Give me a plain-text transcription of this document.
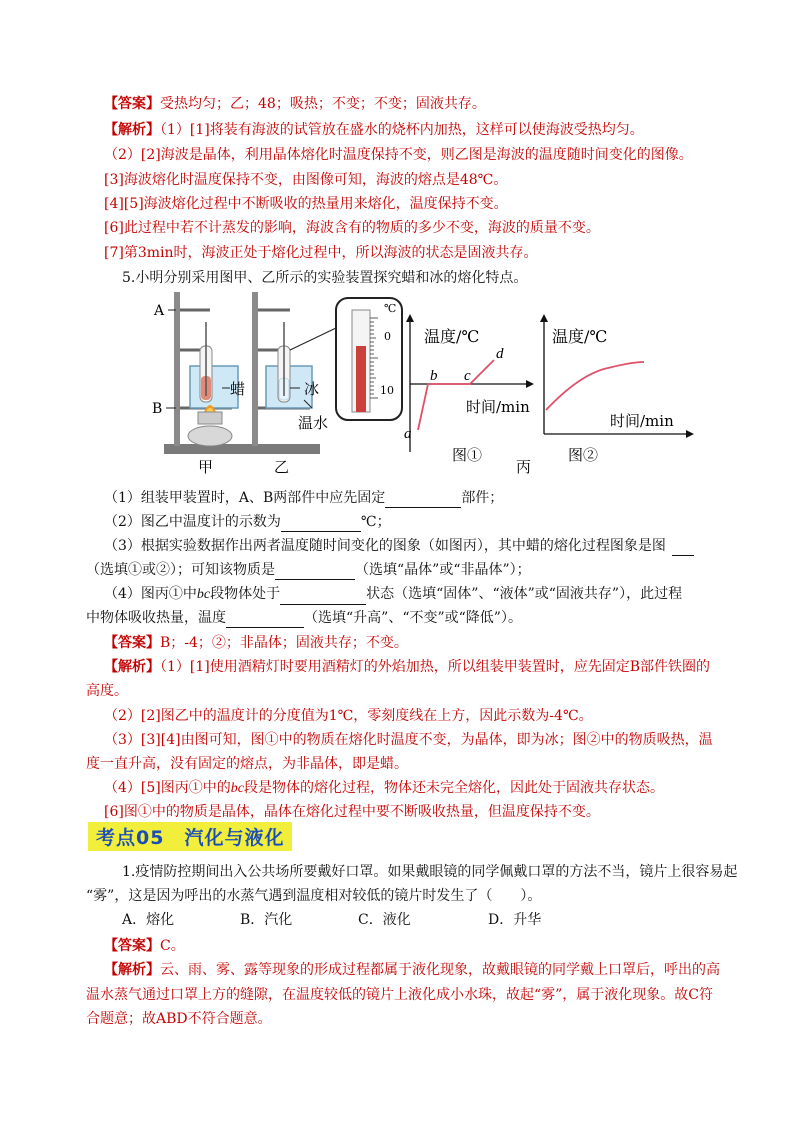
【答案】受热均匀；乙；48；吸热；不变；不变；固液共存。
【解析】（1）[1]将装有海波的试管放在盛水的烧杯内加热，这样可以使海波受热均匀。
（2）[2]海波是晶体，利用晶体熔化时温度保持不变，则乙图是海波的温度随时间变化的图像。
[3]海波熔化时温度保持不变，由图像可知，海波的熔点是48℃。
[4][5]海波熔化过程中不断吸收的热量用来熔化，温度保持不变。
[6]此过程中若不计蒸发的影响，海波含有的物质的多少不变，海波的质量不变。
[7]第3min时，海波正处于熔化过程中，所以海波的状态是固液共存。
5.小明分别采用图甲、乙所示的实验装置探究蜡和冰的熔化特点。
A
B
蜡
甲
冰
温水
乙
℃
0
10
温度/℃
时间/min
图①
a
b c
d
丙
温度/℃
时间/min
图②
（1）组装甲装置时，A、B两部件中应先固定	部件；
（2）图乙中温度计的示数为	℃；
（3）根据实验数据作出两者温度随时间变化的图象（如图丙），其中蜡的熔化过程图象是图
（选填①或②）；可知该物质是	（选填“晶体”或“非晶体”）；
（4）图丙①中bc段物体处于	状态（选填“固体”、“液体”或“固液共存”），此过程
中物体吸收热量，温度	（选填“升高”、“不变”或“降低”）。
【答案】B；-4；②；非晶体；固液共存；不变。
【解析】（1）[1]使用酒精灯时要用酒精灯的外焰加热，所以组装甲装置时，应先固定B部件铁圈的
高度。
（2）[2]图乙中的温度计的分度值为1℃，零刻度线在上方，因此示数为-4℃。
（3）[3][4]由图可知，图①中的物质在熔化时温度不变，为晶体，即为冰；图②中的物质吸热，温
度一直升高，没有固定的熔点，为非晶体，即是蜡。
（4）[5]图丙①中的bc段是物体的熔化过程，物体还未完全熔化，因此处于固液共存状态。
[6]图①中的物质是晶体，晶体在熔化过程中要不断吸收热量，但温度保持不变。
考点05　汽化与液化
1.疫情防控期间出入公共场所要戴好口罩。如果戴眼镜的同学佩戴口罩的方法不当，镜片上很容易起
“雾”，这是因为呼出的水蒸气遇到温度相对较低的镜片时发生了（　　）。
A．熔化	B．汽化	C．液化	D．升华
【答案】C。
【解析】云、雨、雾、露等现象的形成过程都属于液化现象，故戴眼镜的同学戴上口罩后，呼出的高
温水蒸气通过口罩上方的缝隙，在温度较低的镜片上液化成小水珠，故起“雾”，属于液化现象。故C符
合题意；故ABD不符合题意。
